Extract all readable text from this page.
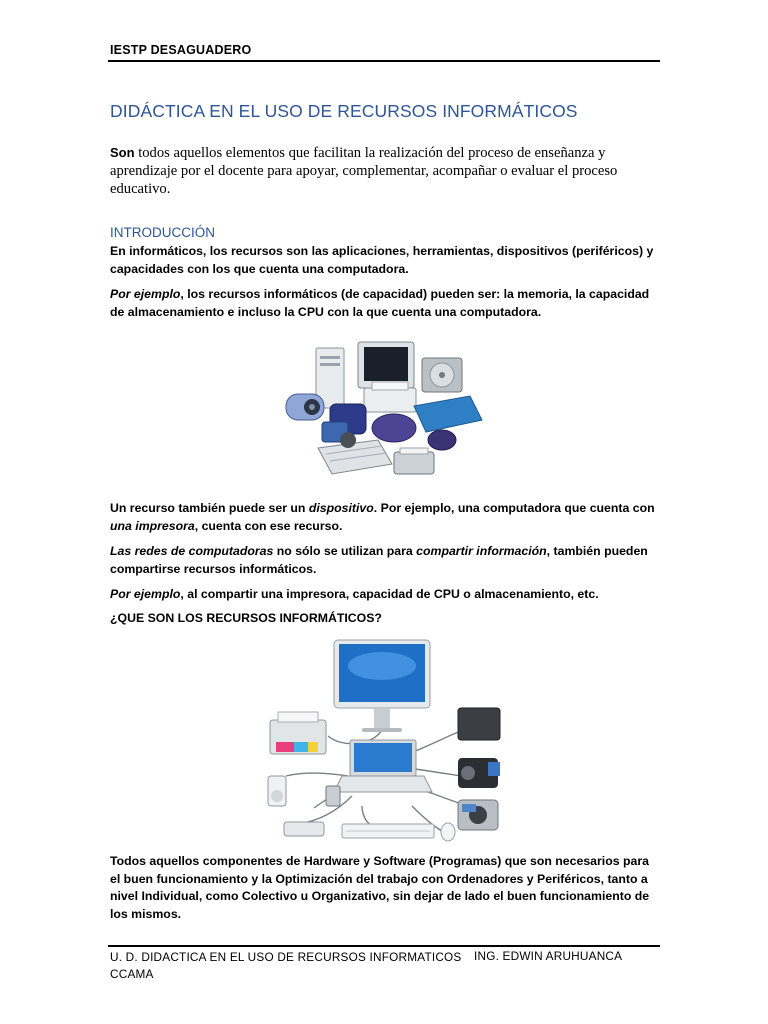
IESTP DESAGUADERO
DIDÁCTICA EN EL USO DE RECURSOS INFORMÁTICOS
Son todos aquellos elementos que facilitan la realización del proceso de enseñanza y aprendizaje por el docente para apoyar, complementar, acompañar o evaluar el proceso educativo.
INTRODUCCIÓN
En informáticos, los recursos son las aplicaciones, herramientas, dispositivos (periféricos) y capacidades con los que cuenta una computadora.
Por ejemplo, los recursos informáticos (de capacidad) pueden ser: la memoria, la capacidad de almacenamiento e incluso la CPU con la que cuenta una computadora.
Un recurso también puede ser un dispositivo. Por ejemplo, una computadora que cuenta con una impresora, cuenta con ese recurso.
Las redes de computadoras no sólo se utilizan para compartir información, también pueden compartirse recursos informáticos.
Por ejemplo, al compartir una impresora, capacidad de CPU o almacenamiento, etc.
¿QUE SON LOS RECURSOS INFORMÁTICOS?
Todos aquellos componentes de Hardware y Software (Programas) que son necesarios para el buen funcionamiento y la Optimización del trabajo con Ordenadores y Periféricos, tanto a nivel Individual, como Colectivo u Organizativo, sin dejar de lado el buen funcionamiento de los mismos.
U. D. DIDACTICA EN EL USO DE RECURSOS INFORMATICOS
CCAMA
ING. EDWIN ARUHUANCA
